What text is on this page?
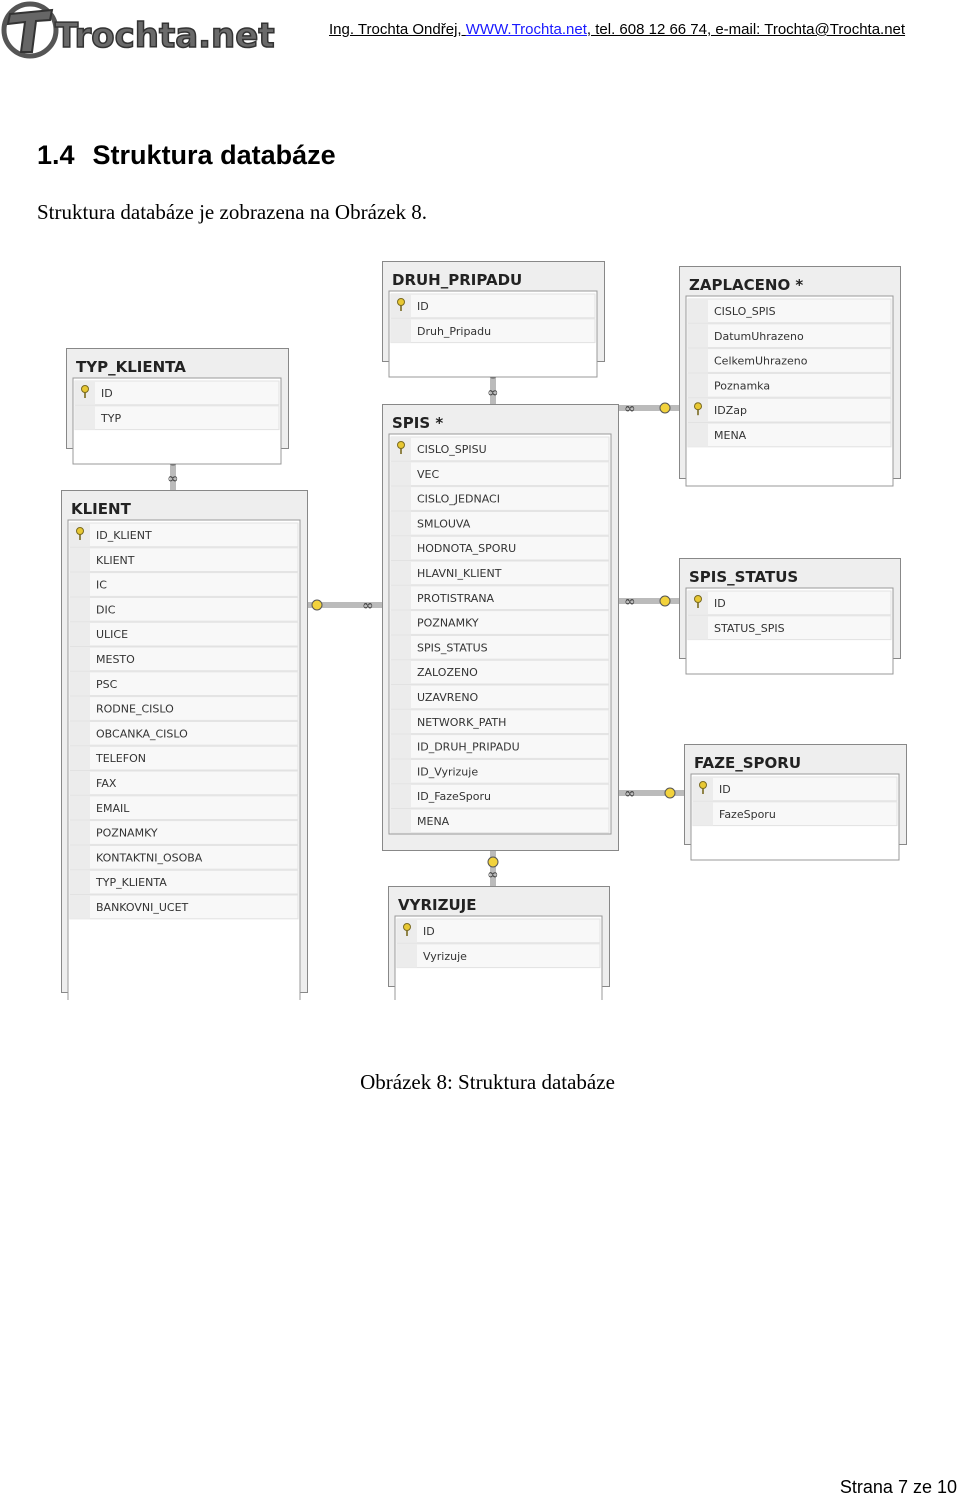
Trochta.net	Ing. Trochta Ondřej, WWW.Trochta.net, tel. 608 12 66 74, e-mail: Trochta@Trochta.net
1.4 Struktura databáze
Struktura databáze je zobrazena na Obrázek 8.
∞
∞
∞
∞
∞
∞
∞
DRUH_PRIPADU
ID
Druh_Pripadu
ZAPLACENO *
CISLO_SPIS
DatumUhrazeno
CelkemUhrazeno
Poznamka
IDZap
MENA
TYP_KLIENTA
ID
TYP	SPIS *
CISLO_SPISU
VEC
CISLO_JEDNACI
SMLOUVA
HODNOTA_SPORU
HLAVNI_KLIENT
PROTISTRANA
POZNAMKY
SPIS_STATUS
ZALOZENO
UZAVRENO
NETWORK_PATH
ID_DRUH_PRIPADU
ID_Vyrizuje
ID_FazeSporu
MENA
KLIENT
ID_KLIENT
KLIENT
IC
DIC
ULICE
MESTO
PSC
RODNE_CISLO
OBCANKA_CISLO
TELEFON
FAX
EMAIL
POZNAMKY
KONTAKTNI_OSOBA
TYP_KLIENTA
BANKOVNI_UCET
SPIS_STATUS
ID
STATUS_SPIS
FAZE_SPORU
ID
FazeSporu
VYRIZUJE
ID
Vyrizuje
Obrázek 8: Struktura databáze
Strana 7 ze 10
